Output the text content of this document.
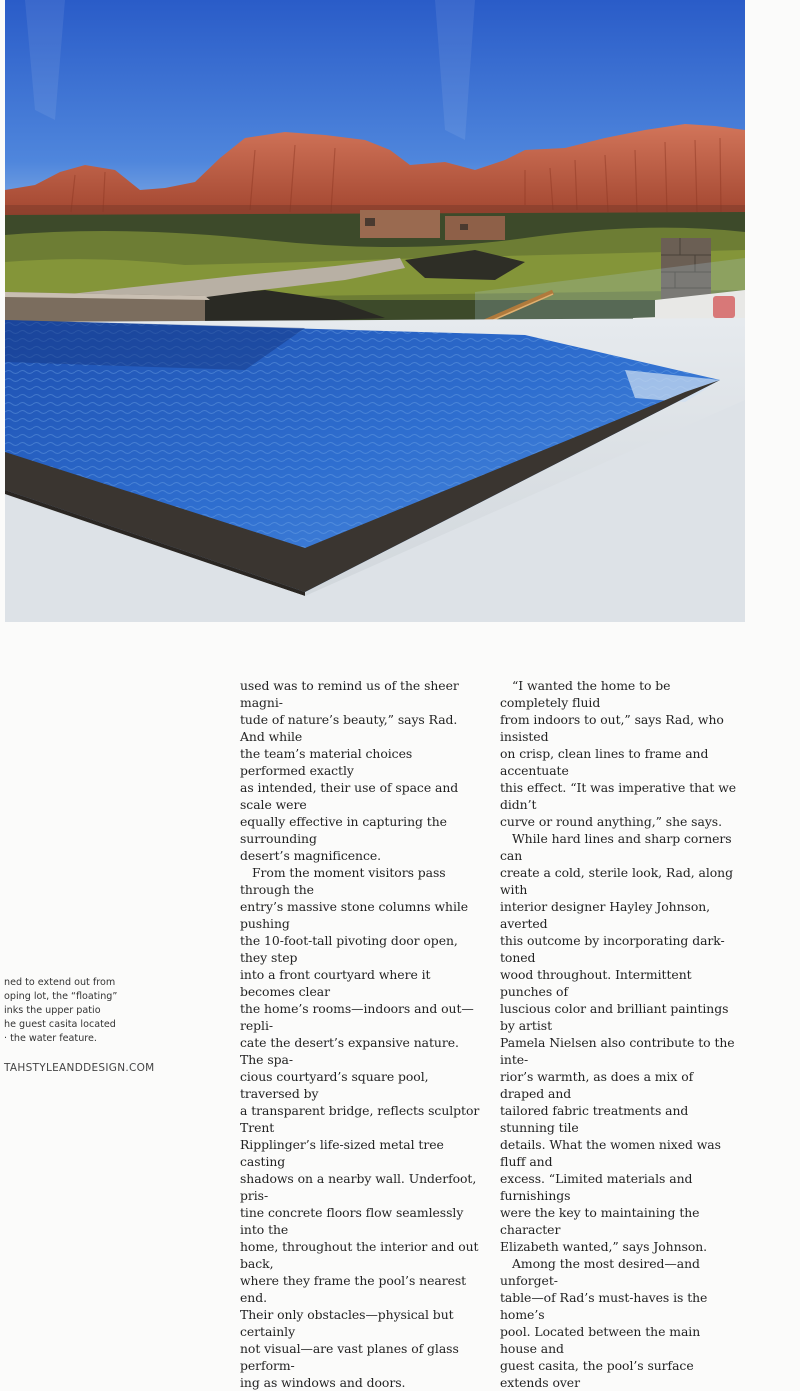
ned to extend out from
oping lot, the “floating”
inks the upper patio
he guest casita located
· the water feature.

used was to remind us of the sheer magni-
tude of nature’s beauty,” says Rad. And while
the team’s material choices performed exactly
as intended, their use of space and scale were
equally effective in capturing the surrounding
desert’s magnificence.

From the moment visitors pass through the
entry’s massive stone columns while pushing
the 10-foot-tall pivoting door open, they step
into a front courtyard where it becomes clear
the home’s rooms—indoors and out—repli-
cate the desert’s expansive nature. The spa-
cious courtyard’s square pool, traversed by
a transparent bridge, reflects sculptor Trent
Ripplinger’s life-sized metal tree casting
shadows on a nearby wall. Underfoot, pris-
tine concrete floors flow seamlessly into the
home, throughout the interior and out back,
where they frame the pool’s nearest end.
Their only obstacles—physical but certainly
not visual—are vast planes of glass perform-
ing as windows and doors.

“I wanted the home to be completely fluid
from indoors to out,” says Rad, who insisted
on crisp, clean lines to frame and accentuate
this effect. “It was imperative that we didn’t
curve or round anything,” she says.

While hard lines and sharp corners can
create a cold, sterile look, Rad, along with
interior designer Hayley Johnson, averted
this outcome by incorporating dark-toned
wood throughout. Intermittent punches of
luscious color and brilliant paintings by artist
Pamela Nielsen also contribute to the inte-
rior’s warmth, as does a mix of draped and
tailored fabric treatments and stunning tile
details. What the women nixed was fluff and
excess. “Limited materials and furnishings
were the key to maintaining the character
Elizabeth wanted,” says Johnson.

Among the most desired—and unforget-
table—of Rad’s must-haves is the home’s
pool. Located between the main house and
guest casita, the pool’s surface extends over

TAHSTYLEANDDESIGN.COM
